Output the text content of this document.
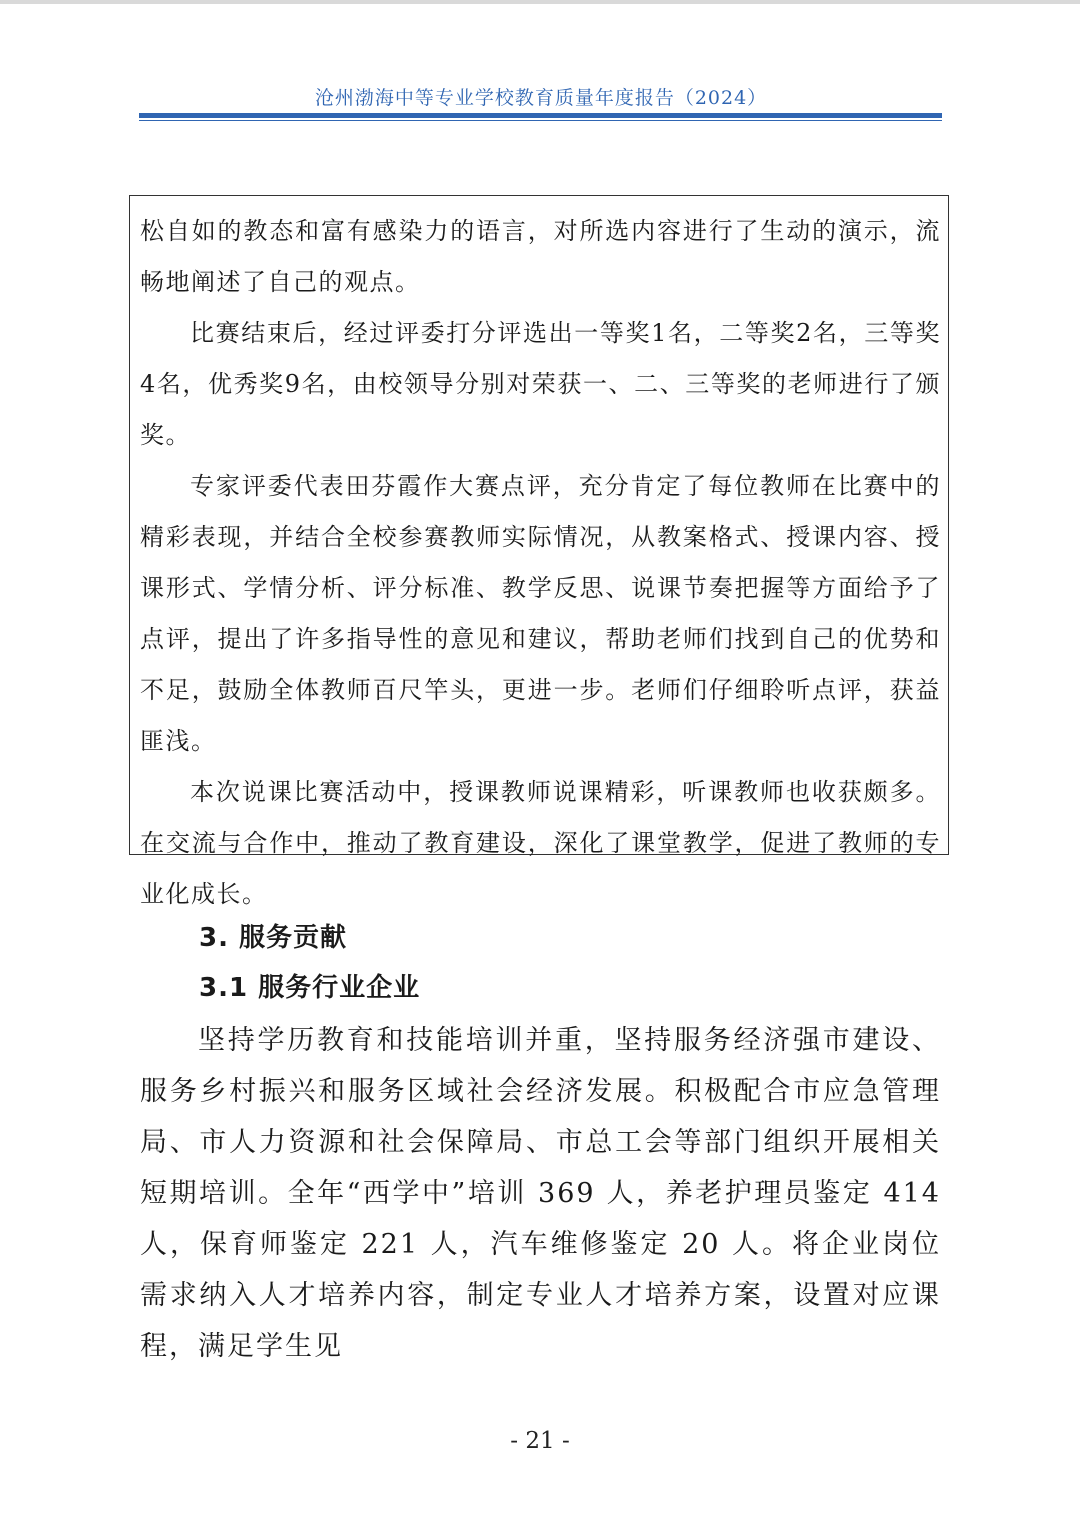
沧州渤海中等专业学校教育质量年度报告（2024）

松自如的教态和富有感染力的语言，对所选内容进行了生动的演示，流畅地阐述了自己的观点。

比赛结束后，经过评委打分评选出一等奖1名，二等奖2名，三等奖4名，优秀奖9名，由校领导分别对荣获一、二、三等奖的老师进行了颁奖。

专家评委代表田芬霞作大赛点评，充分肯定了每位教师在比赛中的精彩表现，并结合全校参赛教师实际情况，从教案格式、授课内容、授课形式、学情分析、评分标准、教学反思、说课节奏把握等方面给予了点评，提出了许多指导性的意见和建议，帮助老师们找到自己的优势和不足，鼓励全体教师百尺竿头，更进一步。老师们仔细聆听点评，获益匪浅。

本次说课比赛活动中，授课教师说课精彩，听课教师也收获颇多。在交流与合作中，推动了教育建设，深化了课堂教学，促进了教师的专业化成长。

3. 服务贡献
3.1 服务行业企业

坚持学历教育和技能培训并重，坚持服务经济强市建设、服务乡村振兴和服务区域社会经济发展。积极配合市应急管理局、市人力资源和社会保障局、市总工会等部门组织开展相关短期培训。全年“西学中”培训 369 人，养老护理员鉴定 414 人，保育师鉴定 221 人，汽车维修鉴定 20 人。将企业岗位需求纳入人才培养内容，制定专业人才培养方案，设置对应课程，满足学生见

- 21 -
